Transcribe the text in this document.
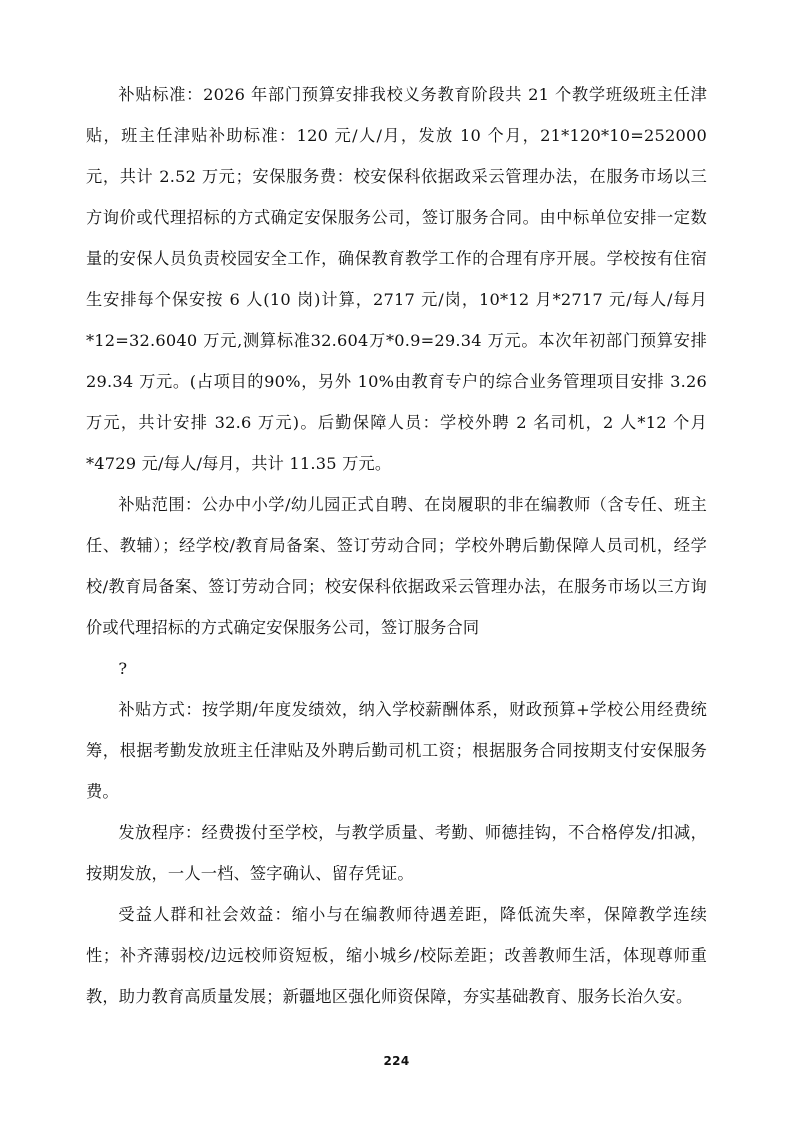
补贴标准：2026 年部门预算安排我校义务教育阶段共 21 个教学班级班主任津贴，班主任津贴补助标准：120 元/人/月，发放 10 个月，21*120*10=252000 元，共计 2.52 万元；安保服务费：校安保科依据政采云管理办法，在服务市场以三方询价或代理招标的方式确定安保服务公司，签订服务合同。由中标单位安排一定数量的安保人员负责校园安全工作，确保教育教学工作的合理有序开展。学校按有住宿生安排每个保安按 6 人(10 岗)计算，2717 元/岗，10*12 月*2717 元/每人/每月*12=32.6040 万元,测算标准32.604万*0.9=29.34 万元。本次年初部门预算安排 29.34 万元。(占项目的90%，另外 10%由教育专户的综合业务管理项目安排 3.26 万元，共计安排 32.6 万元)。后勤保障人员：学校外聘 2 名司机，2 人*12 个月*4729 元/每人/每月，共计 11.35 万元。

补贴范围：公办中小学/幼儿园正式自聘、在岗履职的非在编教师（含专任、班主任、教辅）；经学校/教育局备案、签订劳动合同；学校外聘后勤保障人员司机，经学校/教育局备案、签订劳动合同；校安保科依据政采云管理办法，在服务市场以三方询价或代理招标的方式确定安保服务公司，签订服务合同

?

补贴方式：按学期/年度发绩效，纳入学校薪酬体系，财政预算+学校公用经费统筹，根据考勤发放班主任津贴及外聘后勤司机工资；根据服务合同按期支付安保服务费。

发放程序：经费拨付至学校，与教学质量、考勤、师德挂钩，不合格停发/扣减，按期发放，一人一档、签字确认、留存凭证。

受益人群和社会效益：缩小与在编教师待遇差距，降低流失率，保障教学连续性；补齐薄弱校/边远校师资短板，缩小城乡/校际差距；改善教师生活，体现尊师重教，助力教育高质量发展；新疆地区强化师资保障，夯实基础教育、服务长治久安。

224
